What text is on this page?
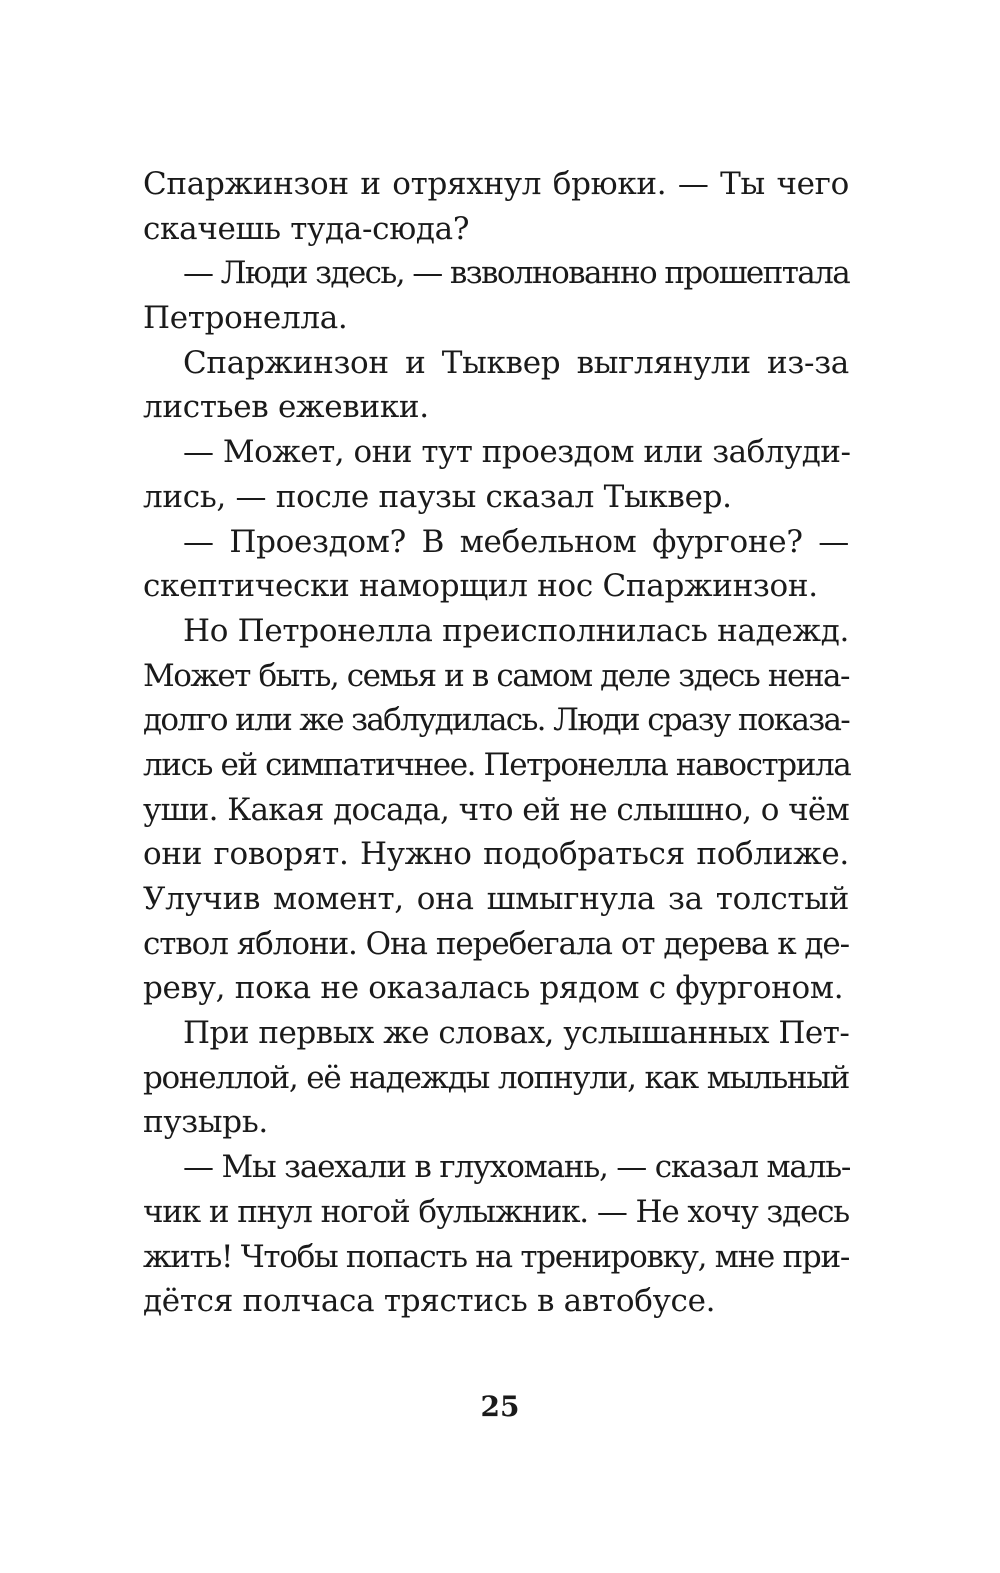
Спаржинзон и отряхнул брюки. — Ты чего
скачешь туда-сюда?
— Люди здесь, — взволнованно прошептала
Петронелла.
Спаржинзон и Тыквер выглянули из-за
листьев ежевики.
— Может, они тут проездом или заблуди-
лись, — после паузы сказал Тыквер.
— Проездом? В мебельном фургоне? —
скептически наморщил нос Спаржинзон.
Но Петронелла преисполнилась надежд.
Может быть, семья и в самом деле здесь нена-
долго или же заблудилась. Люди сразу показа-
лись ей симпатичнее. Петронелла навострила
уши. Какая досада, что ей не слышно, о чём
они говорят. Нужно подобраться поближе.
Улучив момент, она шмыгнула за толстый
ствол яблони. Она перебегала от дерева к де-
реву, пока не оказалась рядом с фургоном.
При первых же словах, услышанных Пет-
ронеллой, её надежды лопнули, как мыльный
пузырь.
— Мы заехали в глухомань, — сказал маль-
чик и пнул ногой булыжник. — Не хочу здесь
жить! Чтобы попасть на тренировку, мне при-
дётся полчаса трястись в автобусе.
25
